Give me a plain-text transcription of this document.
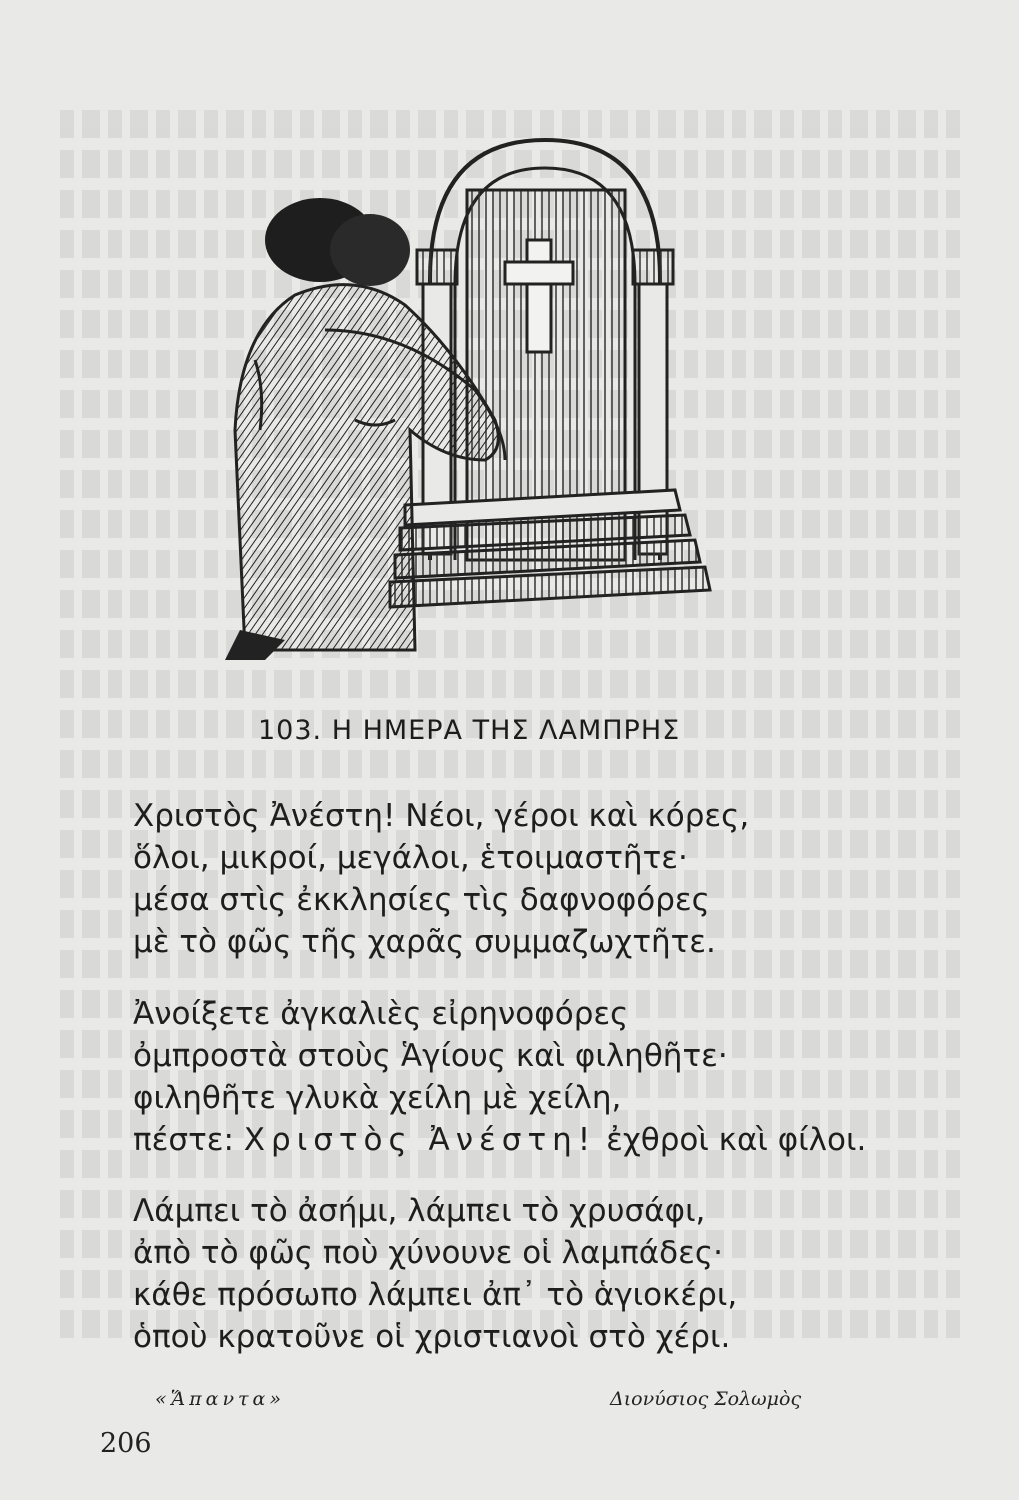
103. Η ΗΜΕΡΑ ΤΗΣ ΛΑΜΠΡΗΣ
Χριστὸς Ἀνέστη! Νέοι, γέροι καὶ κόρες,
ὅλοι, μικροί, μεγάλοι, ἑτοιμαστῆτε·
μέσα στὶς ἐκκλησίες τὶς δαφνοφόρες
μὲ τὸ φῶς τῆς χαρᾶς συμμαζωχτῆτε.
Ἀνοίξετε ἀγκαλιὲς εἰρηνοφόρες
ὀμπροστὰ στοὺς Ἁγίους καὶ φιληθῆτε·
φιληθῆτε γλυκὰ χείλη μὲ χείλη,
πέστε: Χριστὸς Ἀνέστη! ἐχθροὶ καὶ φίλοι.
Λάμπει τὸ ἀσήμι, λάμπει τὸ χρυσάφι,
ἀπὸ τὸ φῶς ποὺ χύνουνε οἱ λαμπάδες·
κάθε πρόσωπο λάμπει ἀπ᾽ τὸ ἁγιοκέρι,
ὁποὺ κρατοῦνε οἱ χριστιανοὶ στὸ χέρι.
«Ἅπαντα»	Διονύσιος Σολωμὸς
206
